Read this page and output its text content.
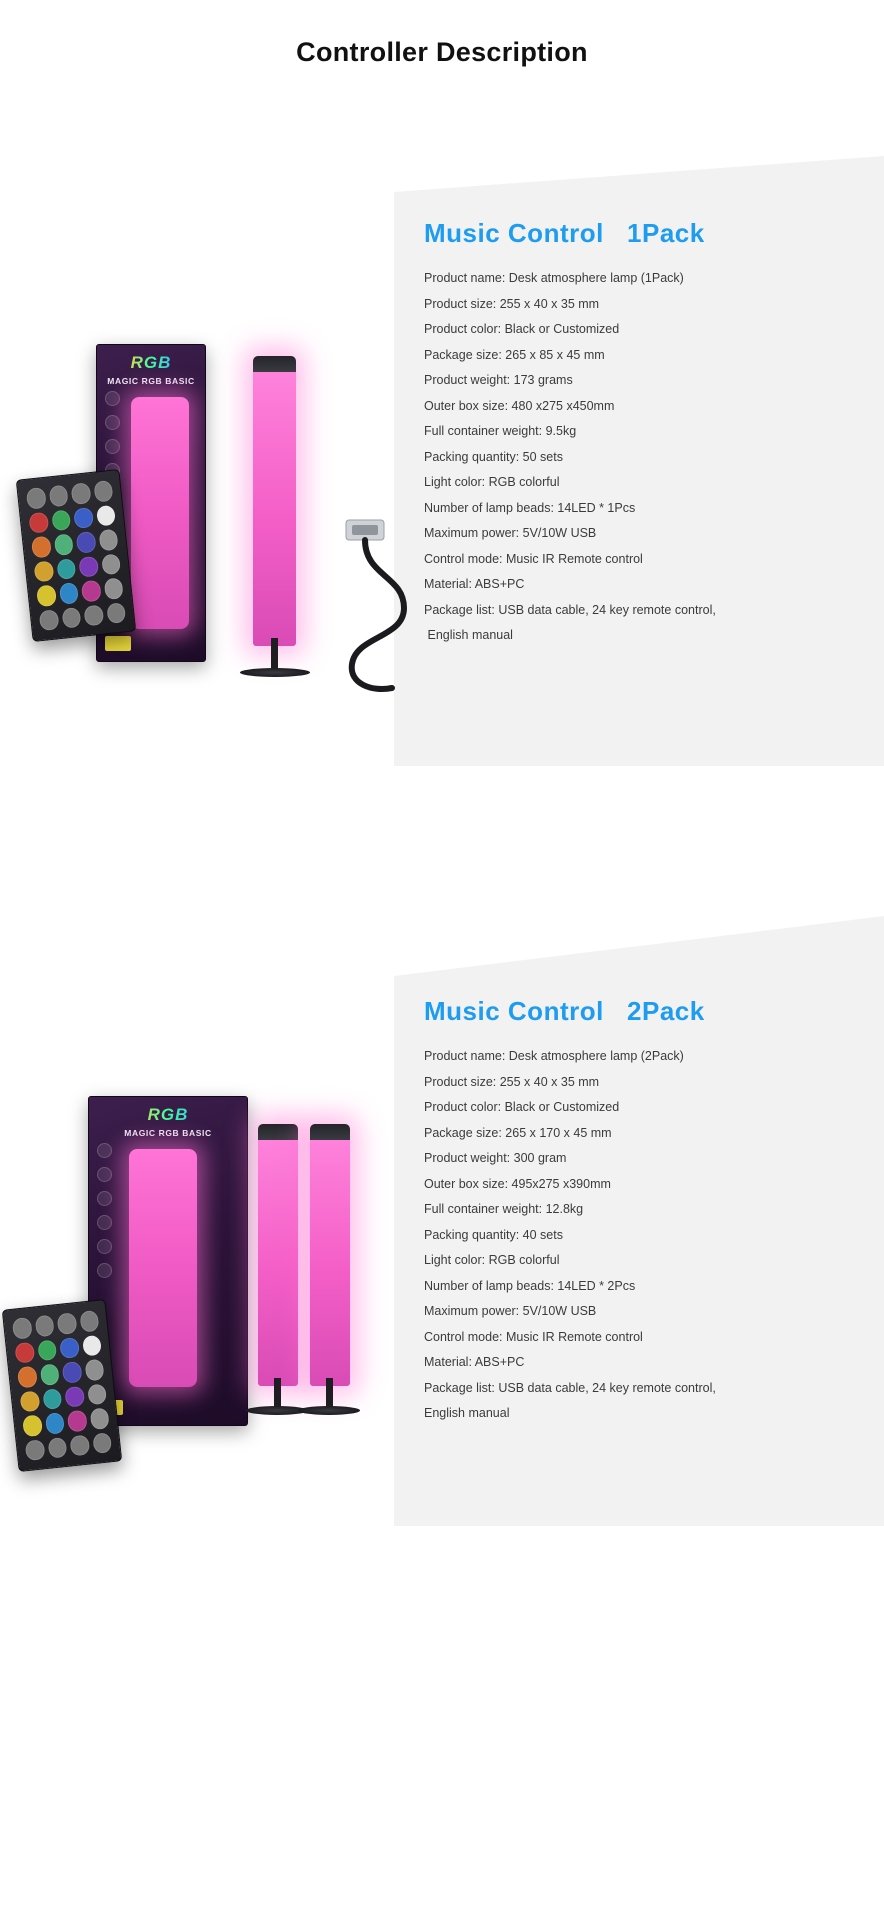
Controller Description
RGB
MAGIC RGB BASIC
Music Control 1Pack
Product name: Desk atmosphere lamp (1Pack)
Product size: 255 x 40 x 35 mm
Product color: Black or Customized
Package size: 265 x 85 x 45 mm
Product weight: 173 grams
Outer box size: 480 x275 x450mm
Full container weight: 9.5kg
Packing quantity: 50 sets
Light color: RGB colorful
Number of lamp beads: 14LED * 1Pcs
Maximum power: 5V/10W USB
Control mode: Music IR Remote control
Material: ABS+PC
Package list: USB data cable, 24 key remote control,
English manual
RGB
MAGIC RGB BASIC
Music Control 2Pack
Product name: Desk atmosphere lamp (2Pack)
Product size: 255 x 40 x 35 mm
Product color: Black or Customized
Package size: 265 x 170 x 45 mm
Product weight: 300 gram
Outer box size: 495x275 x390mm
Full container weight: 12.8kg
Packing quantity: 40 sets
Light color: RGB colorful
Number of lamp beads: 14LED * 2Pcs
Maximum power: 5V/10W USB
Control mode: Music IR Remote control
Material: ABS+PC
Package list: USB data cable, 24 key remote control,
English manual
